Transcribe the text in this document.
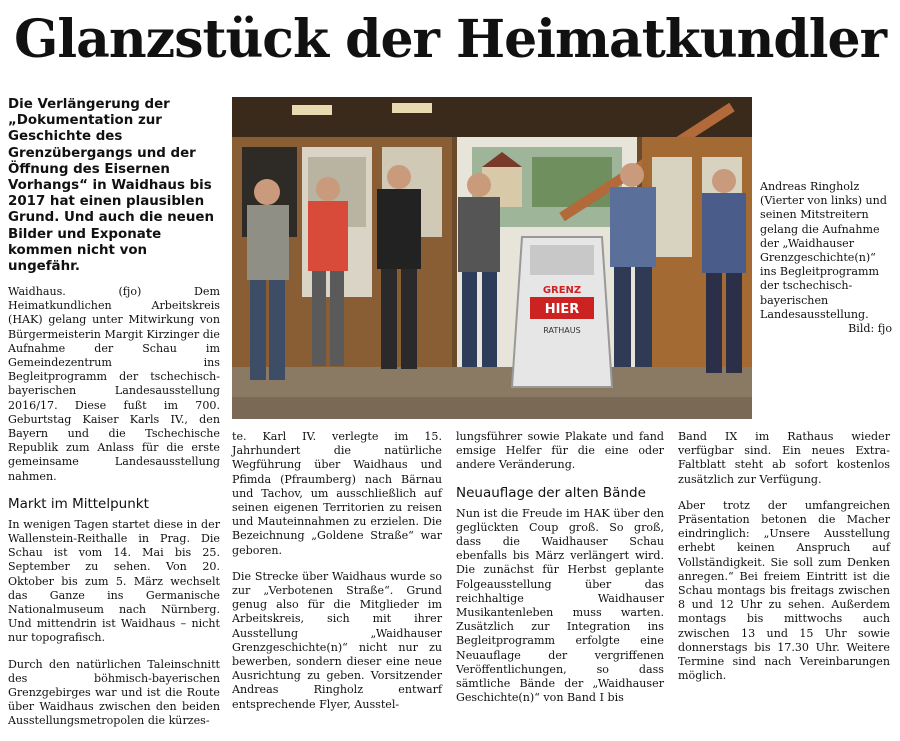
Glanzstück der Heimatkundler
Die Verlängerung der „Dokumentation zur Geschichte des Grenzübergangs und der Öffnung des Eisernen Vorhangs“ in Waidhaus bis 2017 hat einen plausiblen Grund. Und auch die neuen Bilder und Exponate kommen nicht von ungefähr.
GRENZ
HIER
RATHAUS
Andreas Ringholz (Vierter von links) und seinen Mitstreitern gelang die Aufnahme der „Waidhauser Grenzgeschichte(n)“ ins Begleitprogramm der tschechisch-bayerischen Landesausstellung.
Bild: fjo

Waidhaus. (fjo) Dem Heimatkundlichen Arbeitskreis (HAK) gelang unter Mitwirkung von Bürgermeisterin Margit Kirzinger die Aufnahme der Schau im Gemeindezentrum ins Begleitprogramm der tschechisch-bayerischen Landesausstellung 2016/17. Diese fußt im 700. Geburtstag Kaiser Karls IV., den Bayern und die Tschechische Republik zum Anlass für die erste gemeinsame Landesausstellung nahmen.

Markt im Mittelpunkt

In wenigen Tagen startet diese in der Wallenstein-Reithalle in Prag. Die Schau ist vom 14. Mai bis 25. September zu sehen. Von 20. Oktober bis zum 5. März wechselt das Ganze ins Germanische Nationalmuseum nach Nürnberg. Und mittendrin ist Waidhaus – nicht nur topografisch.

Durch den natürlichen Taleinschnitt des böhmisch-bayerischen Grenzgebirges war und ist die Route über Waidhaus zwischen den beiden Ausstellungsmetropolen die kürzes-

te. Karl IV. verlegte im 15. Jahrhundert die natürliche Wegführung über Waidhaus und Pfimda (Pfraumberg) nach Bärnau und Tachov, um ausschließlich auf seinen eigenen Territorien zu reisen und Mauteinnahmen zu erzielen. Die Bezeichnung „Goldene Straße“ war geboren.

Die Strecke über Waidhaus wurde so zur „Verbotenen Straße“. Grund genug also für die Mitglieder im Arbeitskreis, sich mit ihrer Ausstellung „Waidhauser Grenzgeschichte(n)“ nicht nur zu bewerben, sondern dieser eine neue Ausrichtung zu geben. Vorsitzender Andreas Ringholz entwarf entsprechende Flyer, Ausstel-

lungsführer sowie Plakate und fand emsige Helfer für die eine oder andere Veränderung.

Neuauflage der alten Bände

Nun ist die Freude im HAK über den geglückten Coup groß. So groß, dass die Waidhauser Schau ebenfalls bis März verlängert wird. Die zunächst für Herbst geplante Folgeausstellung über das reichhaltige Waidhauser Musikantenleben muss warten. Zusätzlich zur Integration ins Begleitprogramm erfolgte eine Neuauflage der vergriffenen Veröffentlichungen, so dass sämtliche Bände der „Waidhauser Geschichte(n)“ von Band I bis

Band IX im Rathaus wieder verfügbar sind. Ein neues Extra-Faltblatt steht ab sofort kostenlos zusätzlich zur Verfügung.

Aber trotz der umfangreichen Präsentation betonen die Macher eindringlich: „Unsere Ausstellung erhebt keinen Anspruch auf Vollständigkeit. Sie soll zum Denken anregen.“ Bei freiem Eintritt ist die Schau montags bis freitags zwischen 8 und 12 Uhr zu sehen. Außerdem montags bis mittwochs auch zwischen 13 und 15 Uhr sowie donnerstags bis 17.30 Uhr. Weitere Termine sind nach Vereinbarungen möglich.
